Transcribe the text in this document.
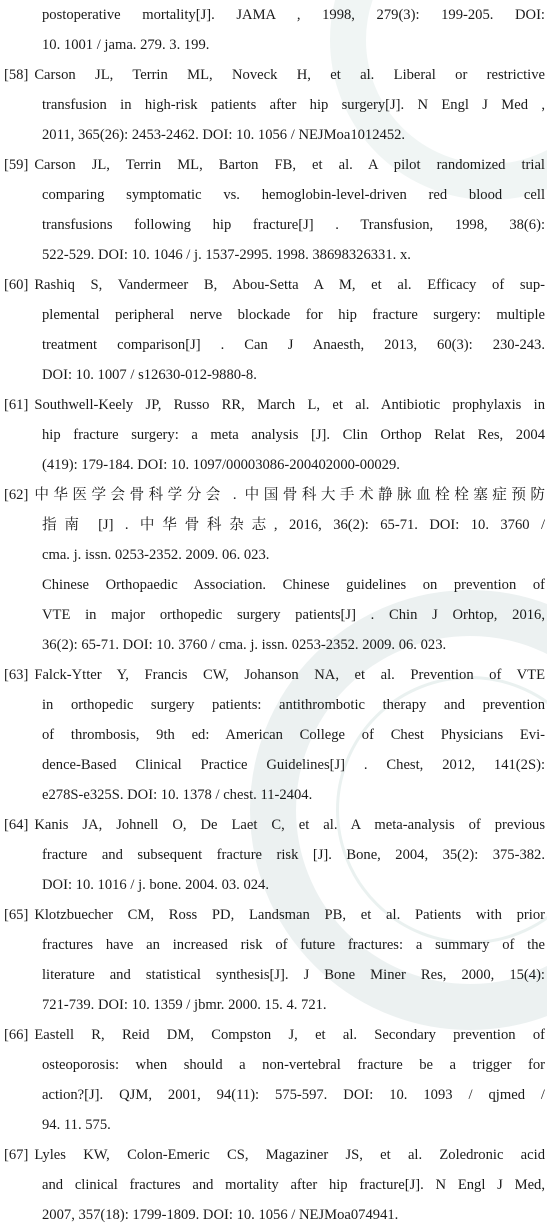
postoperative mortality[J]. JAMA , 1998, 279(3): 199-205. DOI:
10. 1001 / jama. 279. 3. 199.
[58] Carson JL, Terrin ML, Noveck H, et al. Liberal or restrictive
transfusion in high-risk patients after hip surgery[J]. N Engl J Med ,
2011, 365(26): 2453-2462. DOI: 10. 1056 / NEJMoa1012452.
[59] Carson JL, Terrin ML, Barton FB, et al. A pilot randomized trial
comparing symptomatic vs. hemoglobin-level-driven red blood cell
transfusions following hip fracture[J] . Transfusion, 1998, 38(6):
522-529. DOI: 10. 1046 / j. 1537-2995. 1998. 38698326331. x.
[60] Rashiq S, Vandermeer B, Abou-Setta A M, et al. Efficacy of sup-
plemental peripheral nerve blockade for hip fracture surgery: multiple
treatment comparison[J] . Can J Anaesth, 2013, 60(3): 230-243.
DOI: 10. 1007 / s12630-012-9880-8.
[61] Southwell-Keely JP, Russo RR, March L, et al. Antibiotic prophylaxis in
hip fracture surgery: a meta analysis [J]. Clin Orthop Relat Res, 2004
(419): 179-184. DOI: 10. 1097/00003086-200402000-00029.
[62] 中华医学会骨科学分会 . 中国骨科大手术静脉血栓栓塞症预防
指南 [J] . 中华骨科杂志, 2016, 36(2): 65-71. DOI: 10. 3760 /
cma. j. issn. 0253-2352. 2009. 06. 023.
Chinese Orthopaedic Association. Chinese guidelines on prevention of
VTE in major orthopedic surgery patients[J] . Chin J Orhtop, 2016,
36(2): 65-71. DOI: 10. 3760 / cma. j. issn. 0253-2352. 2009. 06. 023.
[63] Falck-Ytter Y, Francis CW, Johanson NA, et al. Prevention of VTE
in orthopedic surgery patients: antithrombotic therapy and prevention
of thrombosis, 9th ed: American College of Chest Physicians Evi-
dence-Based Clinical Practice Guidelines[J] . Chest, 2012, 141(2S):
e278S-e325S. DOI: 10. 1378 / chest. 11-2404.
[64] Kanis JA, Johnell O, De Laet C, et al. A meta-analysis of previous
fracture and subsequent fracture risk [J]. Bone, 2004, 35(2): 375-382.
DOI: 10. 1016 / j. bone. 2004. 03. 024.
[65] Klotzbuecher CM, Ross PD, Landsman PB, et al. Patients with prior
fractures have an increased risk of future fractures: a summary of the
literature and statistical synthesis[J]. J Bone Miner Res, 2000, 15(4):
721-739. DOI: 10. 1359 / jbmr. 2000. 15. 4. 721.
[66] Eastell R, Reid DM, Compston J, et al. Secondary prevention of
osteoporosis: when should a non-vertebral fracture be a trigger for
action?[J]. QJM, 2001, 94(11): 575-597. DOI: 10. 1093 / qjmed /
94. 11. 575.
[67] Lyles KW, Colon-Emeric CS, Magaziner JS, et al. Zoledronic acid
and clinical fractures and mortality after hip fracture[J]. N Engl J Med,
2007, 357(18): 1799-1809. DOI: 10. 1056 / NEJMoa074941.
